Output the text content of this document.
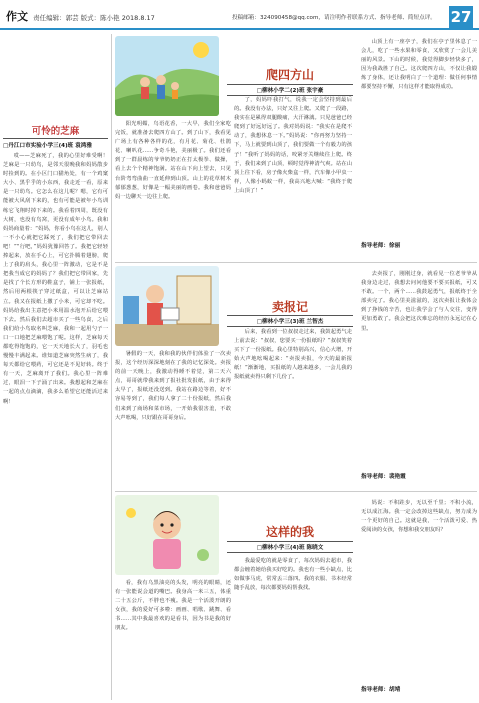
作文 责任编辑：郭芸 版式：陈小艳 2018.8.17	投稿邮箱：324090458@qq.com，请注明作者联系方式、指导老师、简短点评。 27
可怜的芝麻
□丹江口市实验小学三(4)班 袁鸿雅
哎——芝麻死了，我的心里好难受啊！芝麻是一只幼鸟，是邻天很晚我和妈妈散步时捡到的。在小区门口猫角处，有一个鸡窠大小、黑乎乎的小东西，我走近一看，原来是一只幼鸟。它怎么在这儿呢？嗯，它有可能被大风刮下来的，也有可能是被年小鸟训练它飞翔时掉下来的。我看着四周，既没有大树，也没有鸟窝，更没有成年小鸟。我和妈妈商量着：“妈妈，你看小鸟在这儿，别人一不小心就把它踩死了，我们把它带回去吧！”“行吧，”妈妈犹豫回答了。我把它轻轻捧起来，放在手心上，可它扑腾着翅膀，爬上了我的肩头，我心里一阵激动，它是不是把我当成它的妈妈了？我们把它带回家，先是找了个长方形的鞋盒子，铺上一张报纸，然后用两根筷子穿过纸盒，可以让芝麻站立。我又在报纸上撒了小米，可它却不吃。妈妈给我出主意把小米用温水泡开后给它喂下去。然后我们去超市买了一些鸟食，之后我们给小鸟取名叫芝麻，我和一起用勺子一口一口地把芝麻喂饱了呢。这样，芝麻每天都吃得饱饱的，它一天天地长大了，羽毛也慢慢丰满起来。谁知道芝麻突然生病了，我每天都给它喂药，可它还是不见好转。终于有一天，芝麻离开了我们。我心里一阵难过，眼泪一下子涌了出来。我想起和芝麻在一起的点点滴滴，我多么希望它还能活过来啊！
爬四方山
□柳林小学二(2)班 张宇豪
阳光明媚，鸟语花香，一大早，我们全家吃完饭，就准备去爬四方山了。到了山下，我看见广场上有各种各样的花，有月花、菊花、杜鹃花、喇叭花……争奇斗艳，美丽极了。我们还看到了一群晨练的爷爷奶奶正在打太极拳、做操，看上去个个精神饱满。站在山下向上望去，只见台阶弯弯曲曲一直延伸到山顶。山上的花草树木郁郁葱葱，好像是一幅美丽的画卷。我和爸爸妈妈一边聊天一边往上爬。
了，妈妈吓我打气，说我一定会坚持到最后的。我没有办法，只好又往上爬。又爬了一段路，我实在是累得双腿酸痛，大汗淋漓。只见爸爸已经爬到了好远好远了。我对妈妈说：“我实在是爬不动了，我想休息一下。”妈妈说：“你再努力坚持一下，马上就要到山顶了，我们要做一个有毅力的孩子！”我听了妈妈的话，咬紧牙关继续往上爬。终于，我们来到了山顶，顿时觉得神清气爽。站在山顶上往下看，房子像火柴盒一样，汽车像小甲虫一样，人像小蚂蚁一样，我高兴地大喊：“我终于爬上山顶了！”
山顶上有一座亭子，我们在亭子里休息了一会儿，吃了一些水果和零食，又欣赏了一会儿美丽的风景。下山的时候，我觉得脚步轻快多了，因为我战胜了自己。这次爬四方山，不仅让我锻炼了身体，还让我明白了一个道理：做任何事情都要坚持不懈，只有这样才能取得成功。
指导老师：徐丽
卖报记
□柳林小学三(3)班 兰智杰
暑假的一天，我和我的伙伴们体验了一次卖报，这个经历深深地刻在了我的记忆深处。卖报的前一天晚上，我激动得睡不着觉，第二天六点，哥哥就带我来到了报社批发报纸，由于来得太早了，报纸还没送到。我站在路边等着，好不容易等到了，我们每人拿了二十份报纸，然后我们来到了商场和菜市场，一开始我很害羞，不敢大声吆喝，只好跟在哥哥身后。
后来，我看到一位叔叔走过来，我鼓起勇气走上前去说：“叔叔，您要买一份报纸吗？”叔叔笑着买下了一份报纸。我心里特别高兴，信心大增，开始大声地吆喝起来：“卖报卖报，今天的最新报纸！”渐渐地，买报纸的人越来越多，一会儿我的报纸就卖得只剩下几份了。
去卖报了，刚刚过身，就看见一位老爷爷从我身边走过，我想去问问他要不要买报纸，可又不敢。一个，两个……我鼓起勇气，报纸终于全部卖完了。我心里美滋滋的，这次卖报让我体会到了挣钱的辛苦，也让我学会了与人交往，变得更加勇敢了。我会把这次难忘的经历永远记在心里。
指导老师：裴艳霞
这样的我
□柳林小学三(4)班 陈晓文
看，我有乌黑油亮的头发，明亮的眼睛，还有一张能说会道的嘴巴。我身高一米三五，体重二十五公斤，不胖也不瘦。我是一个活泼开朗的女孩，我的爱好可多啦：画画、唱歌、跳舞、看书……其中我最喜欢的是看书，因为书是我的好朋友。
我最爱吃的就是零食了，每次妈妈去超市，我都会缠着她给我买好吃的。我也有一些小缺点，比如做事马虎，常常丢三落四。我的衣服、书本经常随手乱放，每次都要妈妈帮我找。
妈说：不积跬步，无以至千里；不积小流，无以成江海。我一定会改掉这些缺点，努力成为一个更好的自己。这就是我，一个活泼可爱、热爱阅读的女孩，你想和我交朋友吗？
指导老师：胡靖
